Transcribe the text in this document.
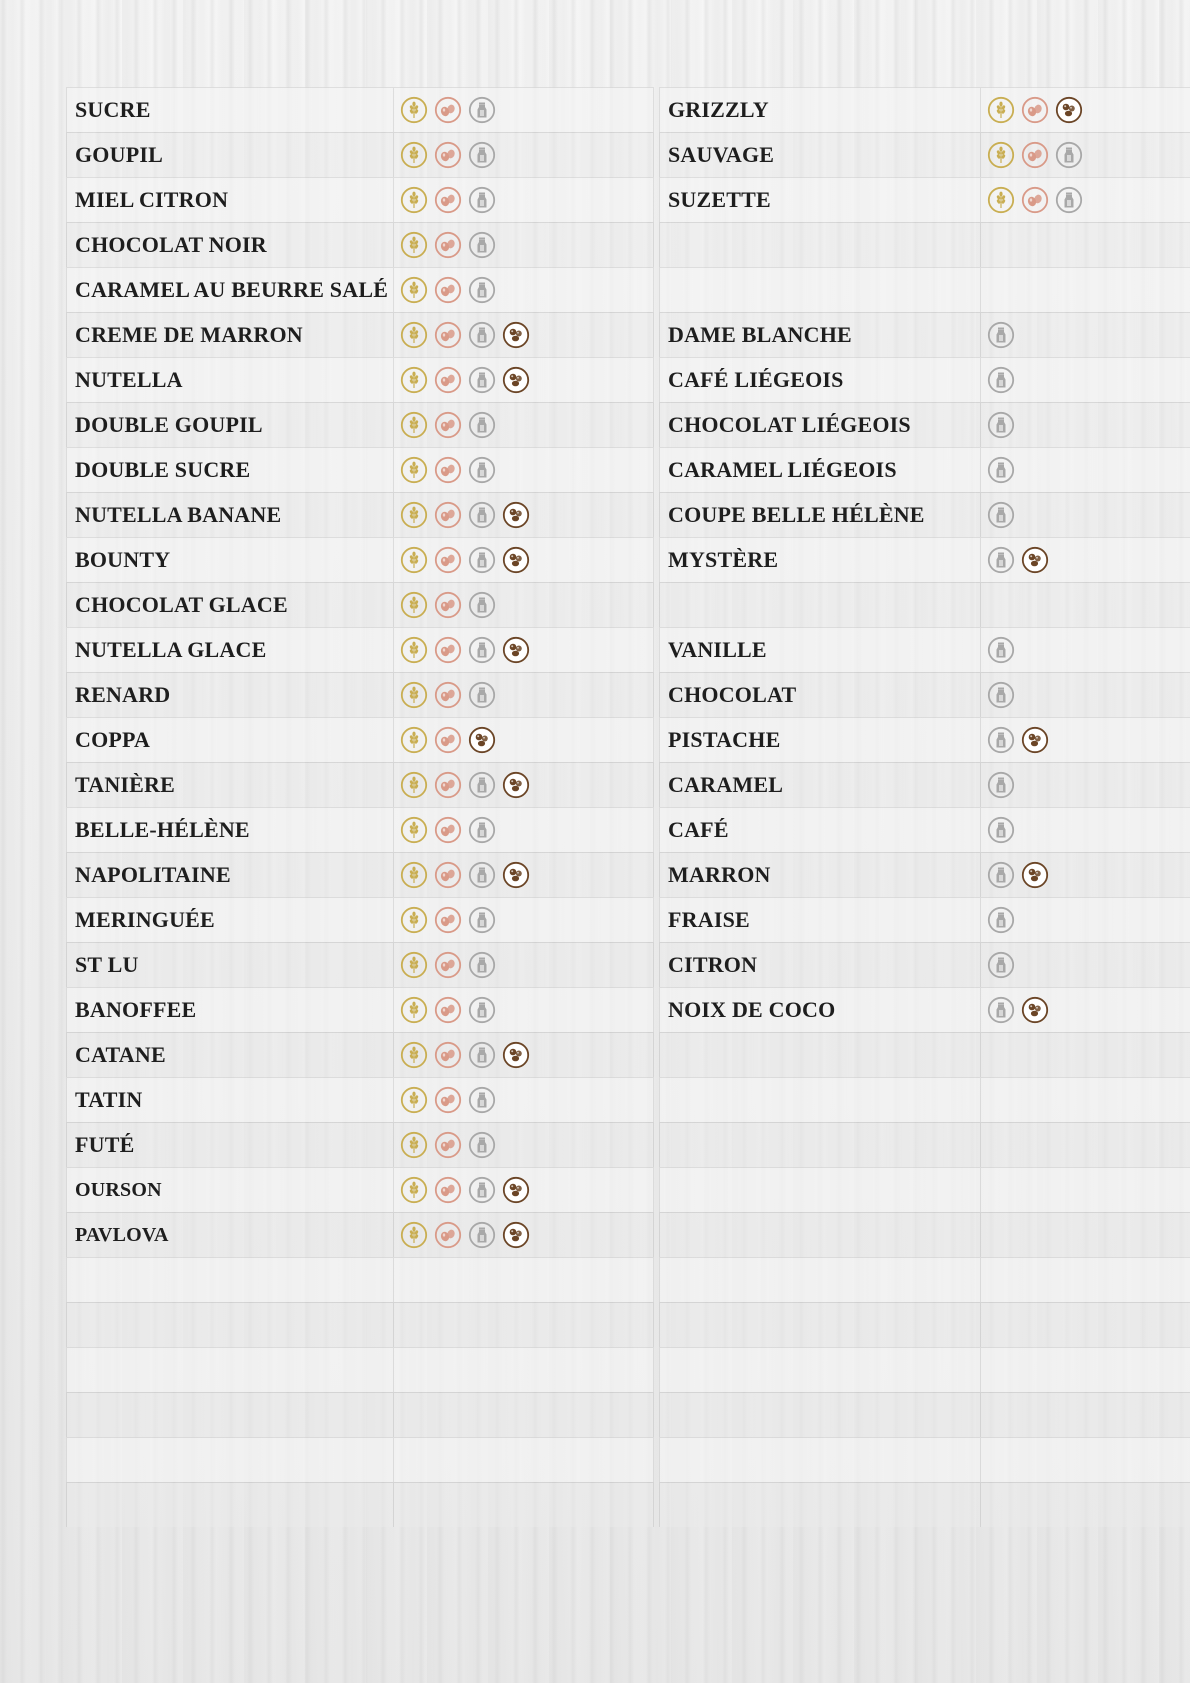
SUCRE
GOUPIL
MIEL CITRON
CHOCOLAT NOIR
CARAMEL AU BEURRE SALÉ
CREME DE MARRON
NUTELLA
DOUBLE GOUPIL
DOUBLE SUCRE
NUTELLA BANANE
BOUNTY
CHOCOLAT GLACE
NUTELLA GLACE
RENARD
COPPA
TANIÈRE
BELLE-HÉLÈNE
NAPOLITAINE
MERINGUÉE
ST LU
BANOFFEE
CATANE
TATIN
FUTÉ
OURSON
PAVLOVA
GRIZZLY
SAUVAGE
SUZETTE
DAME BLANCHE
CAFÉ LIÉGEOIS
CHOCOLAT LIÉGEOIS
CARAMEL LIÉGEOIS
COUPE BELLE HÉLÈNE
MYSTÈRE
VANILLE
CHOCOLAT
PISTACHE
CARAMEL
CAFÉ
MARRON
FRAISE
CITRON
NOIX DE COCO
